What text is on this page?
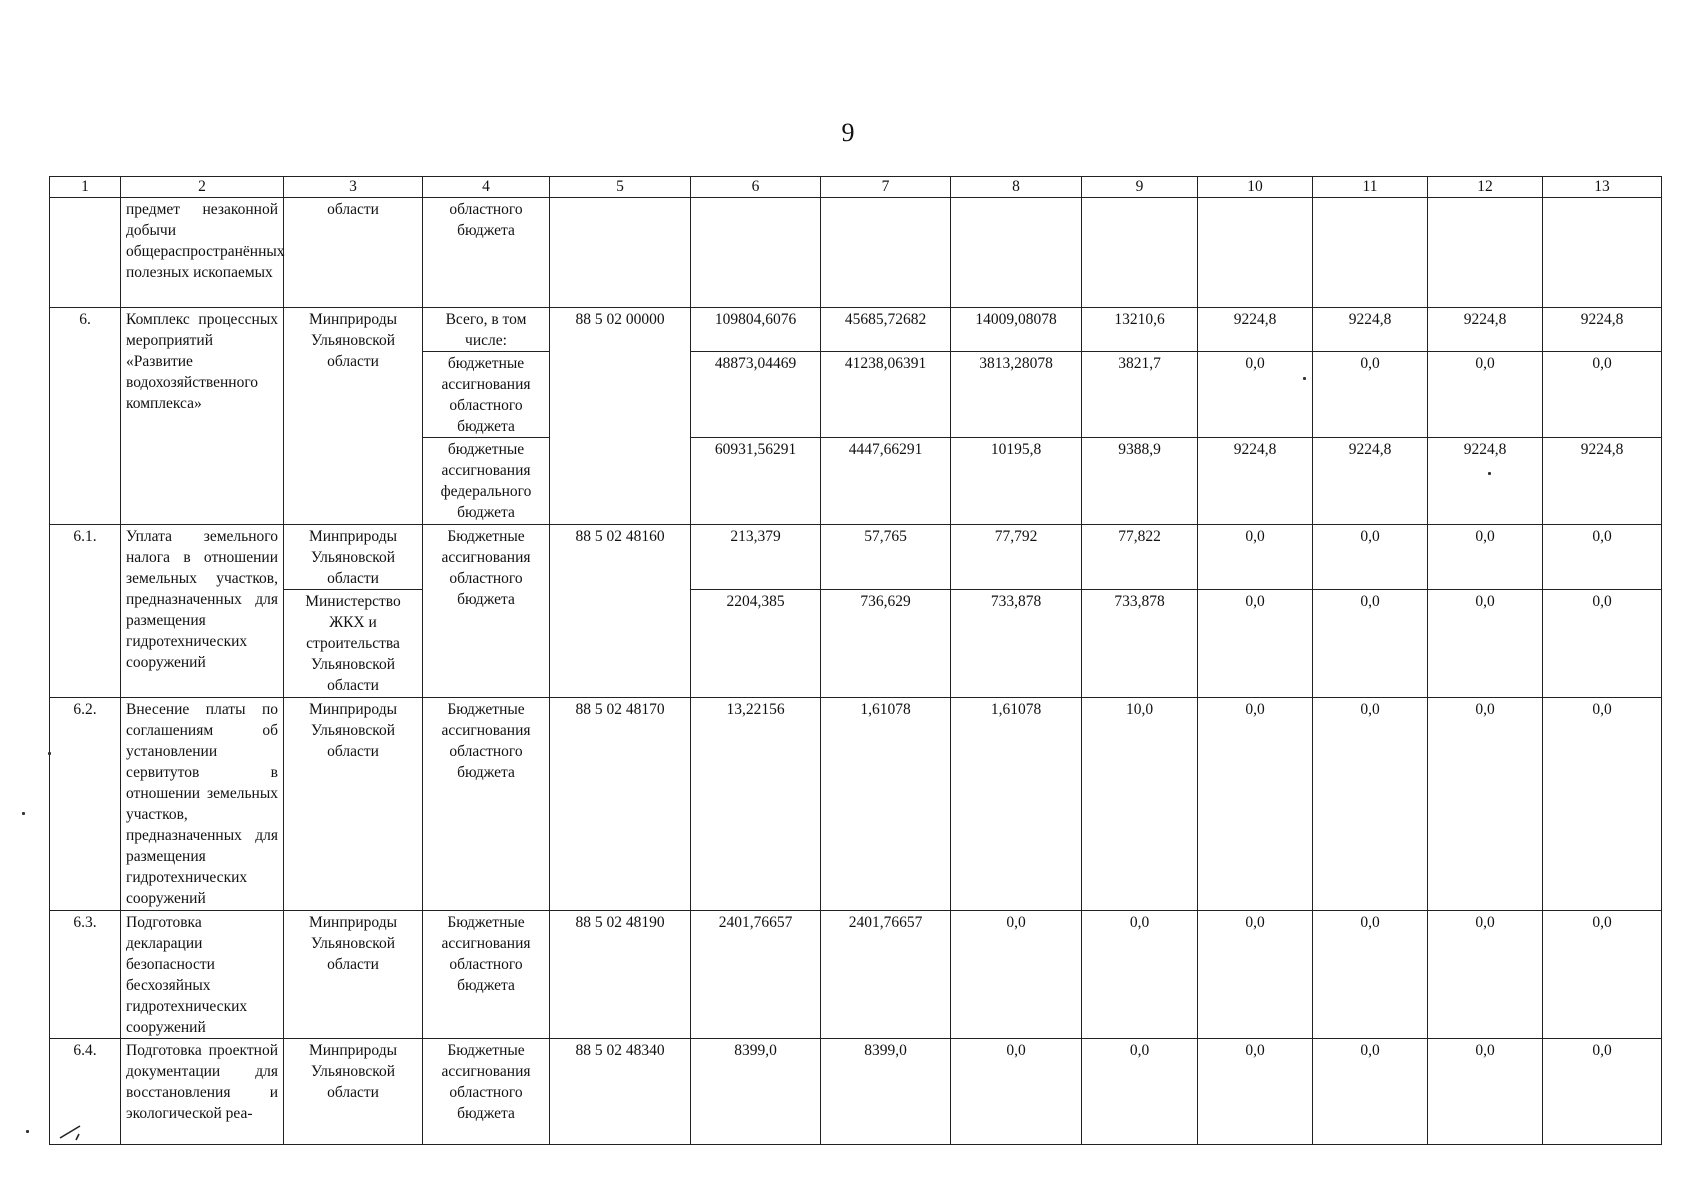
9
1	2	3	4	5	6	7	8	9	10	11	12	13
	предмет незаконной добычи общераспространённых полезных ископаемых	области	областного бюджета									
6.	Комплекс процессных мероприятий «Развитие водохозяйственного комплекса»	Минприроды Ульяновской области	Всего, в том числе:	88 5 02 00000	109804,6076	45685,72682	14009,08078	13210,6	9224,8	9224,8	9224,8	9224,8
			бюджетные ассигнования областного бюджета		48873,04469	41238,06391	3813,28078	3821,7	0,0	0,0	0,0	0,0
			бюджетные ассигнования федерального бюджета		60931,56291	4447,66291	10195,8	9388,9	9224,8	9224,8	9224,8	9224,8
6.1.	Уплата земельного налога в отношении земельных участков, предназначенных для размещения гидротехнических сооружений	Минприроды Ульяновской области	Бюджетные ассигнования областного бюджета	88 5 02 48160	213,379	57,765	77,792	77,822	0,0	0,0	0,0	0,0
		Министерство ЖКХ и строительства Ульяновской области			2204,385	736,629	733,878	733,878	0,0	0,0	0,0	0,0
6.2.	Внесение платы по соглашениям об установлении сервитутов в отношении земельных участков, предназначенных для размещения гидротехнических сооружений	Минприроды Ульяновской области	Бюджетные ассигнования областного бюджета	88 5 02 48170	13,22156	1,61078	1,61078	10,0	0,0	0,0	0,0	0,0
6.3.	Подготовка декларации безопасности бесхозяйных гидротехнических сооружений	Минприроды Ульяновской области	Бюджетные ассигнования областного бюджета	88 5 02 48190	2401,76657	2401,76657	0,0	0,0	0,0	0,0	0,0	0,0
6.4.	Подготовка проектной документации для восстановления и экологической реа-	Минприроды Ульяновской области	Бюджетные ассигнования областного бюджета	88 5 02 48340	8399,0	8399,0	0,0	0,0	0,0	0,0	0,0	0,0
